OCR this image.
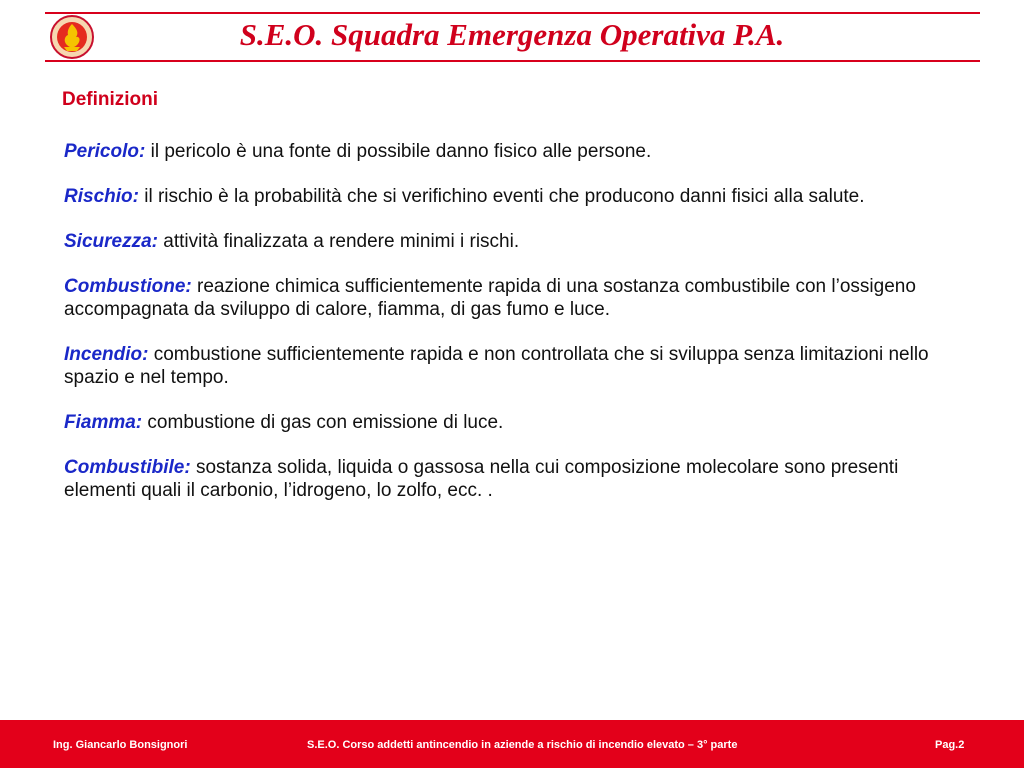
S.E.O. Squadra Emergenza Operativa P.A.
Definizioni

Pericolo: il pericolo è una fonte di possibile danno fisico alle persone.

Rischio: il rischio è la probabilità che si verifichino eventi che producono danni fisici alla salute.

Sicurezza: attività finalizzata a rendere minimi i rischi.

Combustione: reazione chimica sufficientemente rapida di una sostanza combustibile con l’ossigeno accompagnata da sviluppo di calore, fiamma, di gas fumo e luce.

Incendio: combustione sufficientemente rapida e non controllata che si sviluppa senza limitazioni nello spazio e nel tempo.

Fiamma: combustione di gas con emissione di luce.

Combustibile: sostanza solida, liquida o gassosa nella cui composizione molecolare sono presenti elementi quali il carbonio, l’idrogeno, lo zolfo, ecc. .

Ing. Giancarlo Bonsignori	S.E.O. Corso addetti antincendio in aziende a rischio di incendio elevato – 3° parte	Pag.2
